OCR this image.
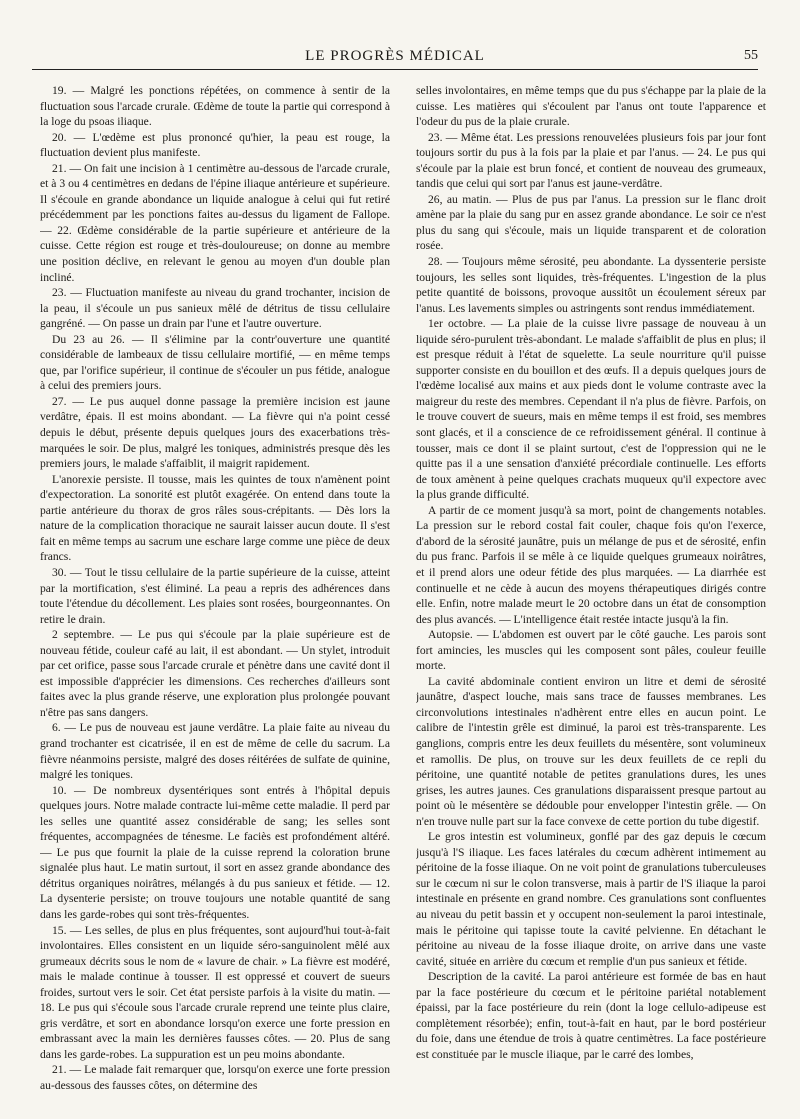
LE PROGRÈS MÉDICAL	55

19. — Malgré les ponctions répétées, on commence à sentir de la fluctuation sous l'arcade crurale. Œdème de toute la partie qui correspond à la loge du psoas iliaque.

20. — L'œdème est plus prononcé qu'hier, la peau est rouge, la fluctuation devient plus manifeste.

21. — On fait une incision à 1 centimètre au-dessous de l'arcade crurale, et à 3 ou 4 centimètres en dedans de l'épine iliaque antérieure et supérieure. Il s'écoule en grande abondance un liquide analogue à celui qui fut retiré précédemment par les ponctions faites au-dessus du ligament de Fallope. — 22. Œdème considérable de la partie supérieure et antérieure de la cuisse. Cette région est rouge et très-douloureuse; on donne au membre une position déclive, en relevant le genou au moyen d'un double plan incliné.

23. — Fluctuation manifeste au niveau du grand trochanter, incision de la peau, il s'écoule un pus sanieux mêlé de détritus de tissu cellulaire gangréné. — On passe un drain par l'une et l'autre ouverture.

Du 23 au 26. — Il s'élimine par la contr'ouverture une quantité considérable de lambeaux de tissu cellulaire mortifié, — en même temps que, par l'orifice supérieur, il continue de s'écouler un pus fétide, analogue à celui des premiers jours.

27. — Le pus auquel donne passage la première incision est jaune verdâtre, épais. Il est moins abondant. — La fièvre qui n'a point cessé depuis le début, présente depuis quelques jours des exacerbations très-marquées le soir. De plus, malgré les toniques, administrés presque dès les premiers jours, le malade s'affaiblit, il maigrit rapidement.

L'anorexie persiste. Il tousse, mais les quintes de toux n'amènent point d'expectoration. La sonorité est plutôt exagérée. On entend dans toute la partie antérieure du thorax de gros râles sous-crépitants. — Dès lors la nature de la complication thoracique ne saurait laisser aucun doute. Il s'est fait en même temps au sacrum une eschare large comme une pièce de deux francs.

30. — Tout le tissu cellulaire de la partie supérieure de la cuisse, atteint par la mortification, s'est éliminé. La peau a repris des adhérences dans toute l'étendue du décollement. Les plaies sont rosées, bourgeonnantes. On retire le drain.

2 septembre. — Le pus qui s'écoule par la plaie supérieure est de nouveau fétide, couleur café au lait, il est abondant. — Un stylet, introduit par cet orifice, passe sous l'arcade crurale et pénètre dans une cavité dont il est impossible d'apprécier les dimensions. Ces recherches d'ailleurs sont faites avec la plus grande réserve, une exploration plus prolongée pouvant n'être pas sans dangers.

6. — Le pus de nouveau est jaune verdâtre. La plaie faite au niveau du grand trochanter est cicatrisée, il en est de même de celle du sacrum. La fièvre néanmoins persiste, malgré des doses réitérées de sulfate de quinine, malgré les toniques.

10. — De nombreux dysentériques sont entrés à l'hôpital depuis quelques jours. Notre malade contracte lui-même cette maladie. Il perd par les selles une quantité assez considérable de sang; les selles sont fréquentes, accompagnées de ténesme. Le faciès est profondément altéré. — Le pus que fournit la plaie de la cuisse reprend la coloration brune signalée plus haut. Le matin surtout, il sort en assez grande abondance des détritus organiques noirâtres, mélangés à du pus sanieux et fétide. — 12. La dysenterie persiste; on trouve toujours une notable quantité de sang dans les garde-robes qui sont très-fréquentes.

15. — Les selles, de plus en plus fréquentes, sont aujourd'hui tout-à-fait involontaires. Elles consistent en un liquide séro-sanguinolent mêlé aux grumeaux décrits sous le nom de « lavure de chair. » La fièvre est modéré, mais le malade continue à tousser. Il est oppressé et couvert de sueurs froides, surtout vers le soir. Cet état persiste parfois à la visite du matin. — 18. Le pus qui s'écoule sous l'arcade crurale reprend une teinte plus claire, gris verdâtre, et sort en abondance lorsqu'on exerce une forte pression en embrassant avec la main les dernières fausses côtes. — 20. Plus de sang dans les garde-robes. La suppuration est un peu moins abondante.

21. — Le malade fait remarquer que, lorsqu'on exerce une forte pression au-dessous des fausses côtes, on détermine des

selles involontaires, en même temps que du pus s'échappe par la plaie de la cuisse. Les matières qui s'écoulent par l'anus ont toute l'apparence et l'odeur du pus de la plaie crurale.

23. — Même état. Les pressions renouvelées plusieurs fois par jour font toujours sortir du pus à la fois par la plaie et par l'anus. — 24. Le pus qui s'écoule par la plaie est brun foncé, et contient de nouveau des grumeaux, tandis que celui qui sort par l'anus est jaune-verdâtre.

26, au matin. — Plus de pus par l'anus. La pression sur le flanc droit amène par la plaie du sang pur en assez grande abondance. Le soir ce n'est plus du sang qui s'écoule, mais un liquide transparent et de coloration rosée.

28. — Toujours même sérosité, peu abondante. La dyssenterie persiste toujours, les selles sont liquides, très-fréquentes. L'ingestion de la plus petite quantité de boissons, provoque aussitôt un écoulement séreux par l'anus. Les lavements simples ou astringents sont rendus immédiatement.

1er octobre. — La plaie de la cuisse livre passage de nouveau à un liquide séro-purulent très-abondant. Le malade s'affaiblit de plus en plus; il est presque réduit à l'état de squelette. La seule nourriture qu'il puisse supporter consiste en du bouillon et des œufs. Il a depuis quelques jours de l'œdème localisé aux mains et aux pieds dont le volume contraste avec la maigreur du reste des membres. Cependant il n'a plus de fièvre. Parfois, on le trouve couvert de sueurs, mais en même temps il est froid, ses membres sont glacés, et il a conscience de ce refroidissement général. Il continue à tousser, mais ce dont il se plaint surtout, c'est de l'oppression qui ne le quitte pas il a une sensation d'anxiété précordiale continuelle. Les efforts de toux amènent à peine quelques crachats muqueux qu'il expectore avec la plus grande difficulté.

A partir de ce moment jusqu'à sa mort, point de changements notables. La pression sur le rebord costal fait couler, chaque fois qu'on l'exerce, d'abord de la sérosité jaunâtre, puis un mélange de pus et de sérosité, enfin du pus franc. Parfois il se mêle à ce liquide quelques grumeaux noirâtres, et il prend alors une odeur fétide des plus marquées. — La diarrhée est continuelle et ne cède à aucun des moyens thérapeutiques dirigés contre elle. Enfin, notre malade meurt le 20 octobre dans un état de consomption des plus avancés. — L'intelligence était restée intacte jusqu'à la fin.

Autopsie. — L'abdomen est ouvert par le côté gauche. Les parois sont fort amincies, les muscles qui les composent sont pâles, couleur feuille morte.

La cavité abdominale contient environ un litre et demi de sérosité jaunâtre, d'aspect louche, mais sans trace de fausses membranes. Les circonvolutions intestinales n'adhèrent entre elles en aucun point. Le calibre de l'intestin grêle est diminué, la paroi est très-transparente. Les ganglions, compris entre les deux feuillets du mésentère, sont volumineux et ramollis. De plus, on trouve sur les deux feuillets de ce repli du péritoine, une quantité notable de petites granulations dures, les unes grises, les autres jaunes. Ces granulations disparaissent presque partout au point où le mésentère se dédouble pour envelopper l'intestin grêle. — On n'en trouve nulle part sur la face convexe de cette portion du tube digestif.

Le gros intestin est volumineux, gonflé par des gaz depuis le cœcum jusqu'à l'S iliaque. Les faces latérales du cœcum adhèrent intimement au péritoine de la fosse iliaque. On ne voit point de granulations tuberculeuses sur le cœcum ni sur le colon transverse, mais à partir de l'S iliaque la paroi intestinale en présente en grand nombre. Ces granulations sont confluentes au niveau du petit bassin et y occupent non-seulement la paroi intestinale, mais le péritoine qui tapisse toute la cavité pelvienne. En détachant le péritoine au niveau de la fosse iliaque droite, on arrive dans une vaste cavité, située en arrière du cœcum et remplie d'un pus sanieux et fétide.

Description de la cavité. La paroi antérieure est formée de bas en haut par la face postérieure du cœcum et le péritoine pariétal notablement épaissi, par la face postérieure du rein (dont la loge cellulo-adipeuse est complètement résorbée); enfin, tout-à-fait en haut, par le bord postérieur du foie, dans une étendue de trois à quatre centimètres. La face postérieure est constituée par le muscle iliaque, par le carré des lombes,
